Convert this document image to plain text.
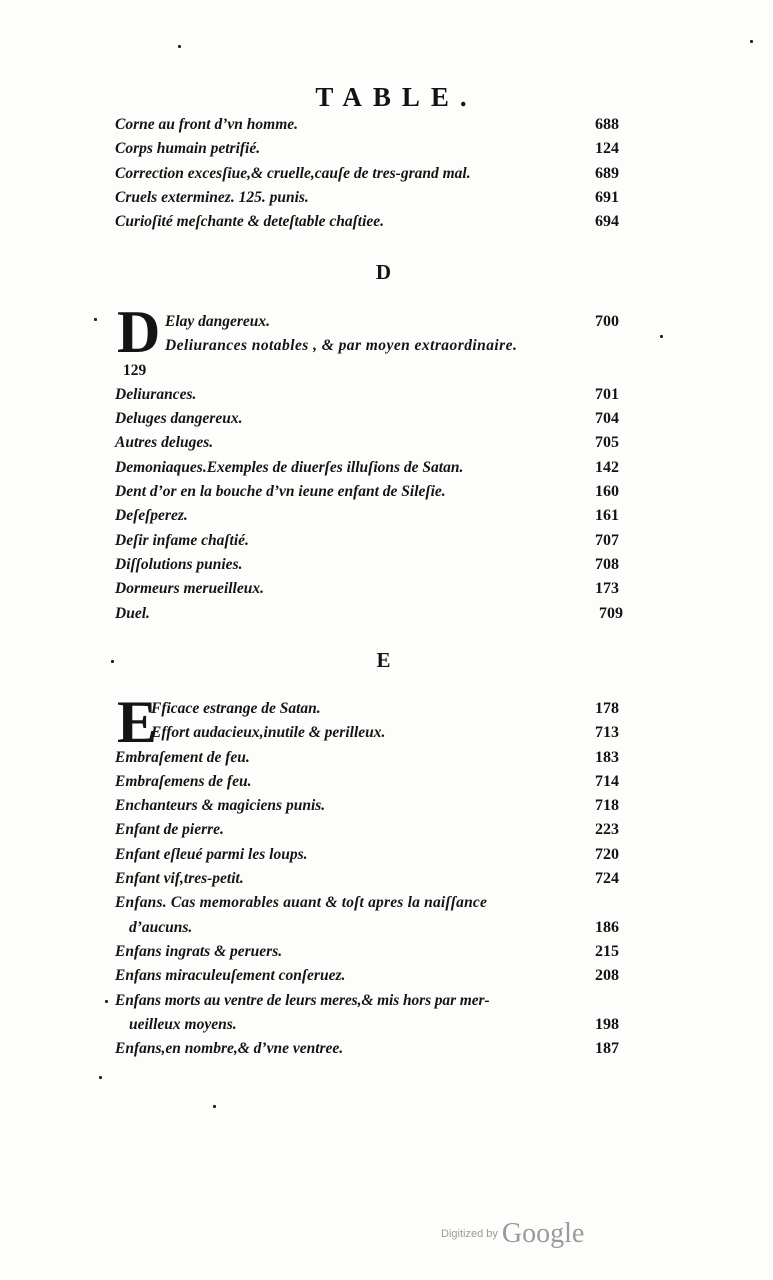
TABLE.
Corne au front d’vn homme.	688
Corps humain petrifié.	124
Correction excesſiue,& cruelle,cauſe de tres-grand mal.	689
Cruels exterminez. 125. punis.	691
Curioſité meſchante & deteſtable chaſtiee.	694
D
D Elay dangereux.	700
Deliurances notables , & par moyen extraordinaire.
129
Deliurances.	701
Deluges dangereux.	704
Autres deluges.	705
Demoniaques.Exemples de diuerſes illuſions de Satan.	142
Dent d’or en la bouche d’vn ieune enfant de Sileſie.	160
Deſeſperez.	161
Deſir infame chaſtié.	707
Diſſolutions punies.	708
Dormeurs merueilleux.	173
Duel.	709
E
E
Fficace estrange de Satan.	178
Effort audacieux,inutile & perilleux.	713
Embraſement de feu.	183
Embraſemens de feu.	714
Enchanteurs & magiciens punis.	718
Enfant de pierre.	223
Enfant eſleué parmi les loups.	720
Enfant vif,tres-petit.	724
Enfans. Cas memorables auant & toſt apres la naiſſance
d’aucuns.	186
Enfans ingrats & peruers.	215
Enfans miraculeuſement conſeruez.	208
Enfans morts au ventre de leurs meres,& mis hors par mer-
ueilleux moyens.	198
Enfans,en nombre,& d’vne ventree.	187
Digitized by Google
